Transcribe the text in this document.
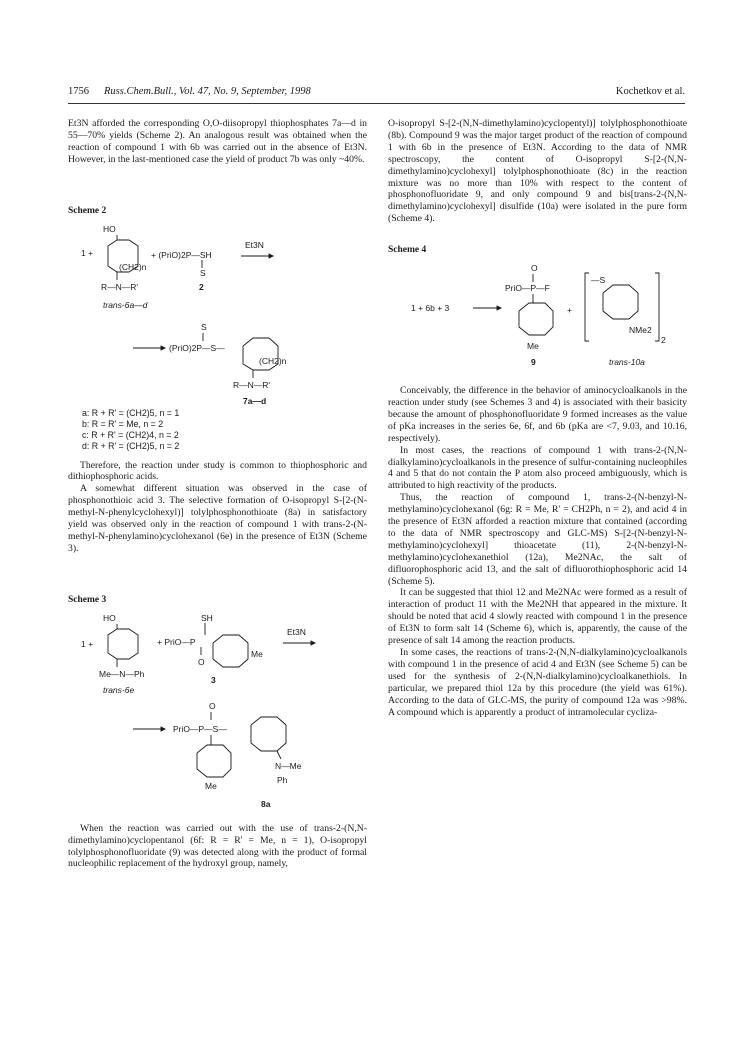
1756 Russ.Chem.Bull., Vol. 47, No. 9, September, 1998	Kochetkov et al.

Et3N afforded the corresponding O,O-diisopropyl thiophosphates 7a—d in 55—70% yields (Scheme 2). An analogous result was obtained when the reaction of compound 1 with 6b was carried out in the absence of Et3N. However, in the last-mentioned case the yield of product 7b was only ~40%.

Scheme 2

1 +
HO
(CH2)n
R—N—R'
trans-6a—d
+ (PriO)2P—SH
S
2
Et3N
S
(PriO)2P—S—
(CH2)n
R—N—R'
7a—d
a: R + R' = (CH2)5, n = 1
b: R = R' = Me, n = 2
c: R + R' = (CH2)4, n = 2
d: R + R' = (CH2)5, n = 2

Therefore, the reaction under study is common to thiophosphoric and dithiophosphoric acids.

A somewhat different situation was observed in the case of phosphonothioic acid 3. The selective formation of O-isopropyl S-[2-(N-methyl-N-phenylcyclohexyl)] tolylphosphonothioate (8a) in satisfactory yield was observed only in the reaction of compound 1 with trans-2-(N-methyl-N-phenylamino)cyclohexanol (6e) in the presence of Et3N (Scheme 3).

Scheme 3

1 +
HO
Me—N—Ph
trans-6e
SH
+ PriO—P
O
Me
3
Et3N
O
PriO—P—S—
N—Me
Ph
Me
8a

When the reaction was carried out with the use of trans-2-(N,N-dimethylamino)cyclopentanol (6f: R = R' = Me, n = 1), O-isopropyl tolylphosphonofluoridate (9) was detected along with the product of formal nucleophilic replacement of the hydroxyl group, namely,

O-isopropyl S-[2-(N,N-dimethylamino)cyclopentyl)] tolylphosphonothioate (8b). Compound 9 was the major target product of the reaction of compound 1 with 6b in the presence of Et3N. According to the data of NMR spectroscopy, the content of O-isopropyl S-[2-(N,N-dimethylamino)cyclohexyl] tolylphosphonothioate (8c) in the reaction mixture was no more than 10% with respect to the content of phosphonofluoridate 9, and only compound 9 and bis[trans-2-(N,N-dimethylamino)cyclohexyl] disulfide (10a) were isolated in the pure form (Scheme 4).

Scheme 4

1 + 6b + 3
O
PriO—P—F
Me
9
+
—S
NMe2
2
trans-10a

Conceivably, the difference in the behavior of aminocycloalkanols in the reaction under study (see Schemes 3 and 4) is associated with their basicity because the amount of phosphonofluoridate 9 formed increases as the value of pKa increases in the series 6e, 6f, and 6b (pKa are <7, 9.03, and 10.16, respectively).

In most cases, the reactions of compound 1 with trans-2-(N,N-dialkylamino)cycloalkanols in the presence of sulfur-containing nucleophiles 4 and 5 that do not contain the P atom also proceed ambiguously, which is attributed to high reactivity of the products.

Thus, the reaction of compound 1, trans-2-(N-benzyl-N-methylamino)cyclohexanol (6g: R = Me, R' = CH2Ph, n = 2), and acid 4 in the presence of Et3N afforded a reaction mixture that contained (according to the data of NMR spectroscopy and GLC-MS) S-[2-(N-benzyl-N-methylamino)cyclohexyl] thioacetate (11), 2-(N-benzyl-N-methylamino)cyclohexanethiol (12a), Me2NAc, the salt of difluorophosphoric acid 13, and the salt of difluorothiophosphoric acid 14 (Scheme 5).

It can be suggested that thiol 12 and Me2NAc were formed as a result of interaction of product 11 with the Me2NH that appeared in the mixture. It should be noted that acid 4 slowly reacted with compound 1 in the presence of Et3N to form salt 14 (Scheme 6), which is, apparently, the cause of the presence of salt 14 among the reaction products.

In some cases, the reactions of trans-2-(N,N-dialkylamino)cycloalkanols with compound 1 in the presence of acid 4 and Et3N (see Scheme 5) can be used for the synthesis of 2-(N,N-dialkylamino)cycloalkanethiols. In particular, we prepared thiol 12a by this procedure (the yield was 61%). According to the data of GLC-MS, the purity of compound 12a was >98%. A compound which is apparently a product of intramolecular cycliza-
